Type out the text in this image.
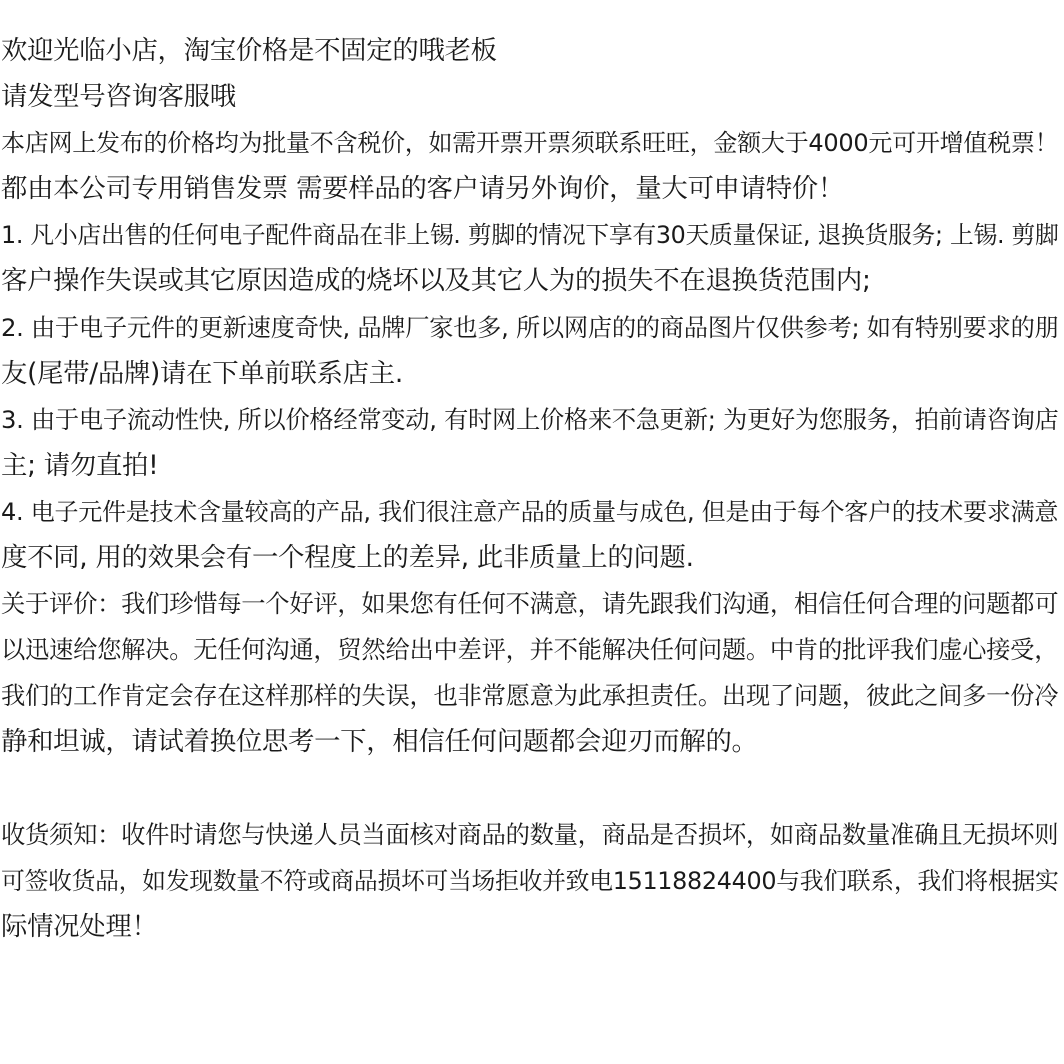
欢迎光临小店，淘宝价格是不固定的哦老板
请发型号咨询客服哦
本店网上发布的价格均为批量不含税价，如需开票开票须联系旺旺，金额大于4000元可开增值税票！
都由本公司专用销售发票 需要样品的客户请另外询价，量大可申请特价！
1. 凡小店出售的任何电子配件商品在非上锡. 剪脚的情况下享有30天质量保证, 退换货服务; 上锡. 剪脚
客户操作失误或其它原因造成的烧坏以及其它人为的损失不在退换货范围内;
2. 由于电子元件的更新速度奇快, 品牌厂家也多, 所以网店的的商品图片仅供参考; 如有特别要求的朋
友(尾带/品牌)请在下单前联系店主.
3. 由于电子流动性快, 所以价格经常变动, 有时网上价格来不急更新; 为更好为您服务，拍前请咨询店
主; 请勿直拍!
4. 电子元件是技术含量较高的产品, 我们很注意产品的质量与成色, 但是由于每个客户的技术要求满意
度不同, 用的效果会有一个程度上的差异, 此非质量上的问题.
关于评价：我们珍惜每一个好评，如果您有任何不满意，请先跟我们沟通，相信任何合理的问题都可
以迅速给您解决。无任何沟通，贸然给出中差评，并不能解决任何问题。中肯的批评我们虚心接受，
我们的工作肯定会存在这样那样的失误，也非常愿意为此承担责任。出现了问题，彼此之间多一份冷
静和坦诚，请试着换位思考一下，相信任何问题都会迎刃而解的。
收货须知：收件时请您与快递人员当面核对商品的数量，商品是否损坏，如商品数量准确且无损坏则
可签收货品，如发现数量不符或商品损坏可当场拒收并致电15118824400与我们联系，我们将根据实
际情况处理！
